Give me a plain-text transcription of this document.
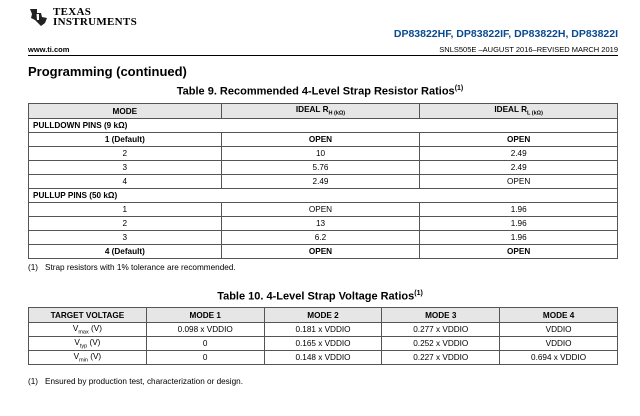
TEXAS
INSTRUMENTS
DP83822HF, DP83822IF, DP83822H, DP83822I
www.ti.com	SNLS505E –AUGUST 2016–REVISED MARCH 2019
Programming (continued)
Table 9. Recommended 4-Level Strap Resistor Ratios$^{(1)}$
MODE	IDEAL $R_{H (k\Omega)}$	IDEAL $R_{L (k\Omega)}$
PULLDOWN PINS (9 kΩ)		
1 (Default)	OPEN	OPEN
2	10	2.49
3	5.76	2.49
4	2.49	OPEN
PULLUP PINS (50 kΩ)		
1	OPEN	1.96
2	13	1.96
3	6.2	1.96
4 (Default)	OPEN	OPEN
(1) Strap resistors with 1% tolerance are recommended.
Table 10. 4-Level Strap Voltage Ratios$^{(1)}$
TARGET VOLTAGE	MODE 1	MODE 2	MODE 3	MODE 4
$V_{max}$ (V)	0.098 x VDDIO	0.181 x VDDIO	0.277 x VDDIO	VDDIO
$V_{typ}$ (V)	0	0.165 x VDDIO	0.252 x VDDIO	VDDIO
$V_{min}$ (V)	0	0.148 x VDDIO	0.227 x VDDIO	0.694 x VDDIO
(1) Ensured by production test, characterization or design.
